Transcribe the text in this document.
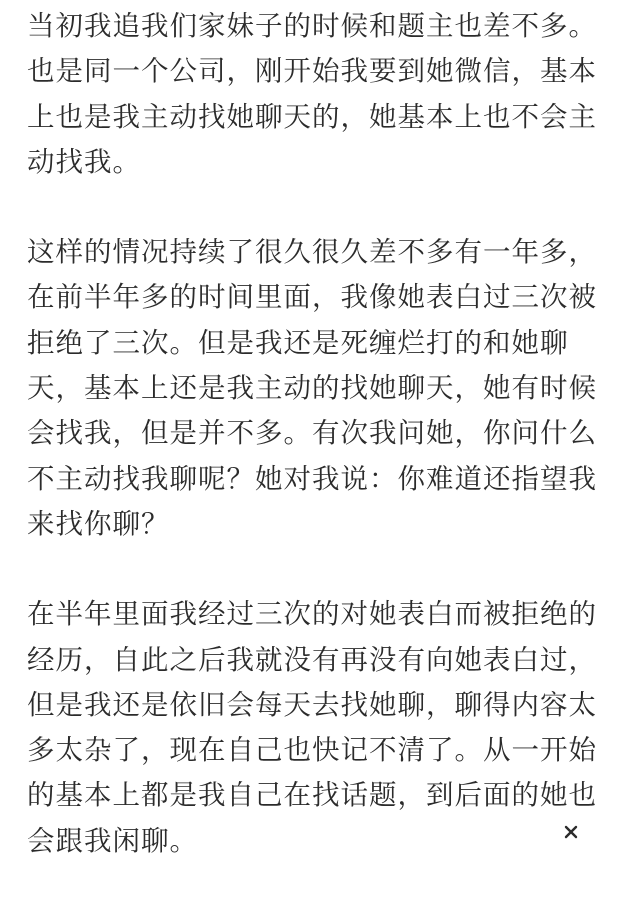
当初我追我们家妹子的时候和题主也差不多。
也是同一个公司，刚开始我要到她微信，基本
上也是我主动找她聊天的，她基本上也不会主
动找我。

这样的情况持续了很久很久差不多有一年多，
在前半年多的时间里面，我像她表白过三次被
拒绝了三次。但是我还是死缠烂打的和她聊
天，基本上还是我主动的找她聊天，她有时候
会找我，但是并不多。有次我问她，你问什么
不主动找我聊呢？她对我说：你难道还指望我
来找你聊？

在半年里面我经过三次的对她表白而被拒绝的
经历，自此之后我就没有再没有向她表白过，
但是我还是依旧会每天去找她聊，聊得内容太
多太杂了，现在自己也快记不清了。从一开始
的基本上都是我自己在找话题，到后面的她也
会跟我闲聊。
